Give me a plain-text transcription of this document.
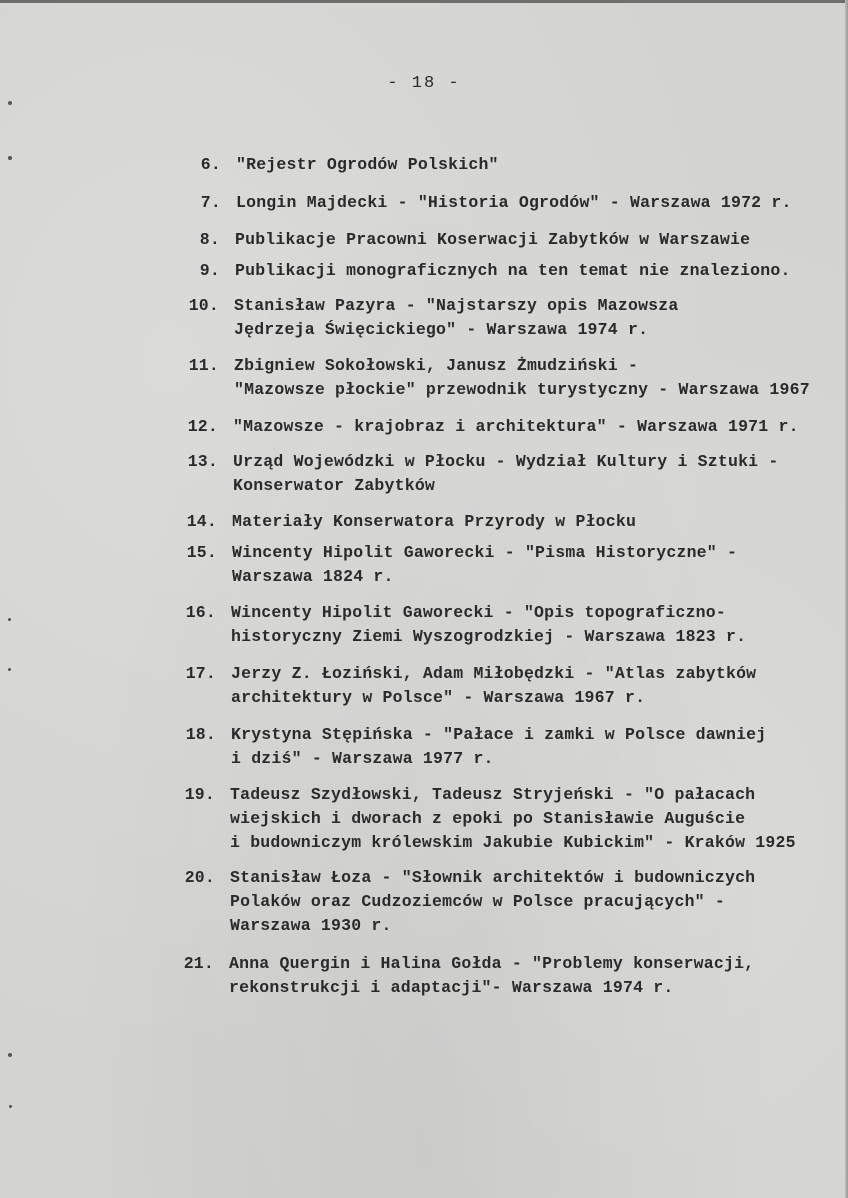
- 18 -
6. "Rejestr Ogrodów Polskich"
7. Longin Majdecki - "Historia Ogrodów" - Warszawa 1972 r.
8. Publikacje Pracowni Koserwacji Zabytków w Warszawie
9. Publikacji monograficznych na ten temat nie znaleziono.
10. Stanisław Pazyra - "Najstarszy opis Mazowsza
Jędrzeja Święcickiego" - Warszawa 1974 r.
11. Zbigniew Sokołowski, Janusz Żmudziński -
"Mazowsze płockie" przewodnik turystyczny - Warszawa 1967
12. "Mazowsze - krajobraz i architektura" - Warszawa 1971 r.
13. Urząd Wojewódzki w Płocku - Wydział Kultury i Sztuki -
Konserwator Zabytków
14. Materiały Konserwatora Przyrody w Płocku
15. Wincenty Hipolit Gaworecki - "Pisma Historyczne" -
Warszawa 1824 r.
16. Wincenty Hipolit Gaworecki - "Opis topograficzno-
historyczny Ziemi Wyszogrodzkiej - Warszawa 1823 r.
17. Jerzy Z. Łoziński, Adam Miłobędzki - "Atlas zabytków
architektury w Polsce" - Warszawa 1967 r.
18. Krystyna Stępińska - "Pałace i zamki w Polsce dawniej
i dziś" - Warszawa 1977 r.
19. Tadeusz Szydłowski, Tadeusz Stryjeński - "O pałacach
wiejskich i dworach z epoki po Stanisławie Auguście
i budowniczym królewskim Jakubie Kubickim" - Kraków 1925
20. Stanisław Łoza - "Słownik architektów i budowniczych
Polaków oraz Cudzoziemców w Polsce pracujących" -
Warszawa 1930 r.
21. Anna Quergin i Halina Gołda - "Problemy konserwacji,
rekonstrukcji i adaptacji"- Warszawa 1974 r.
